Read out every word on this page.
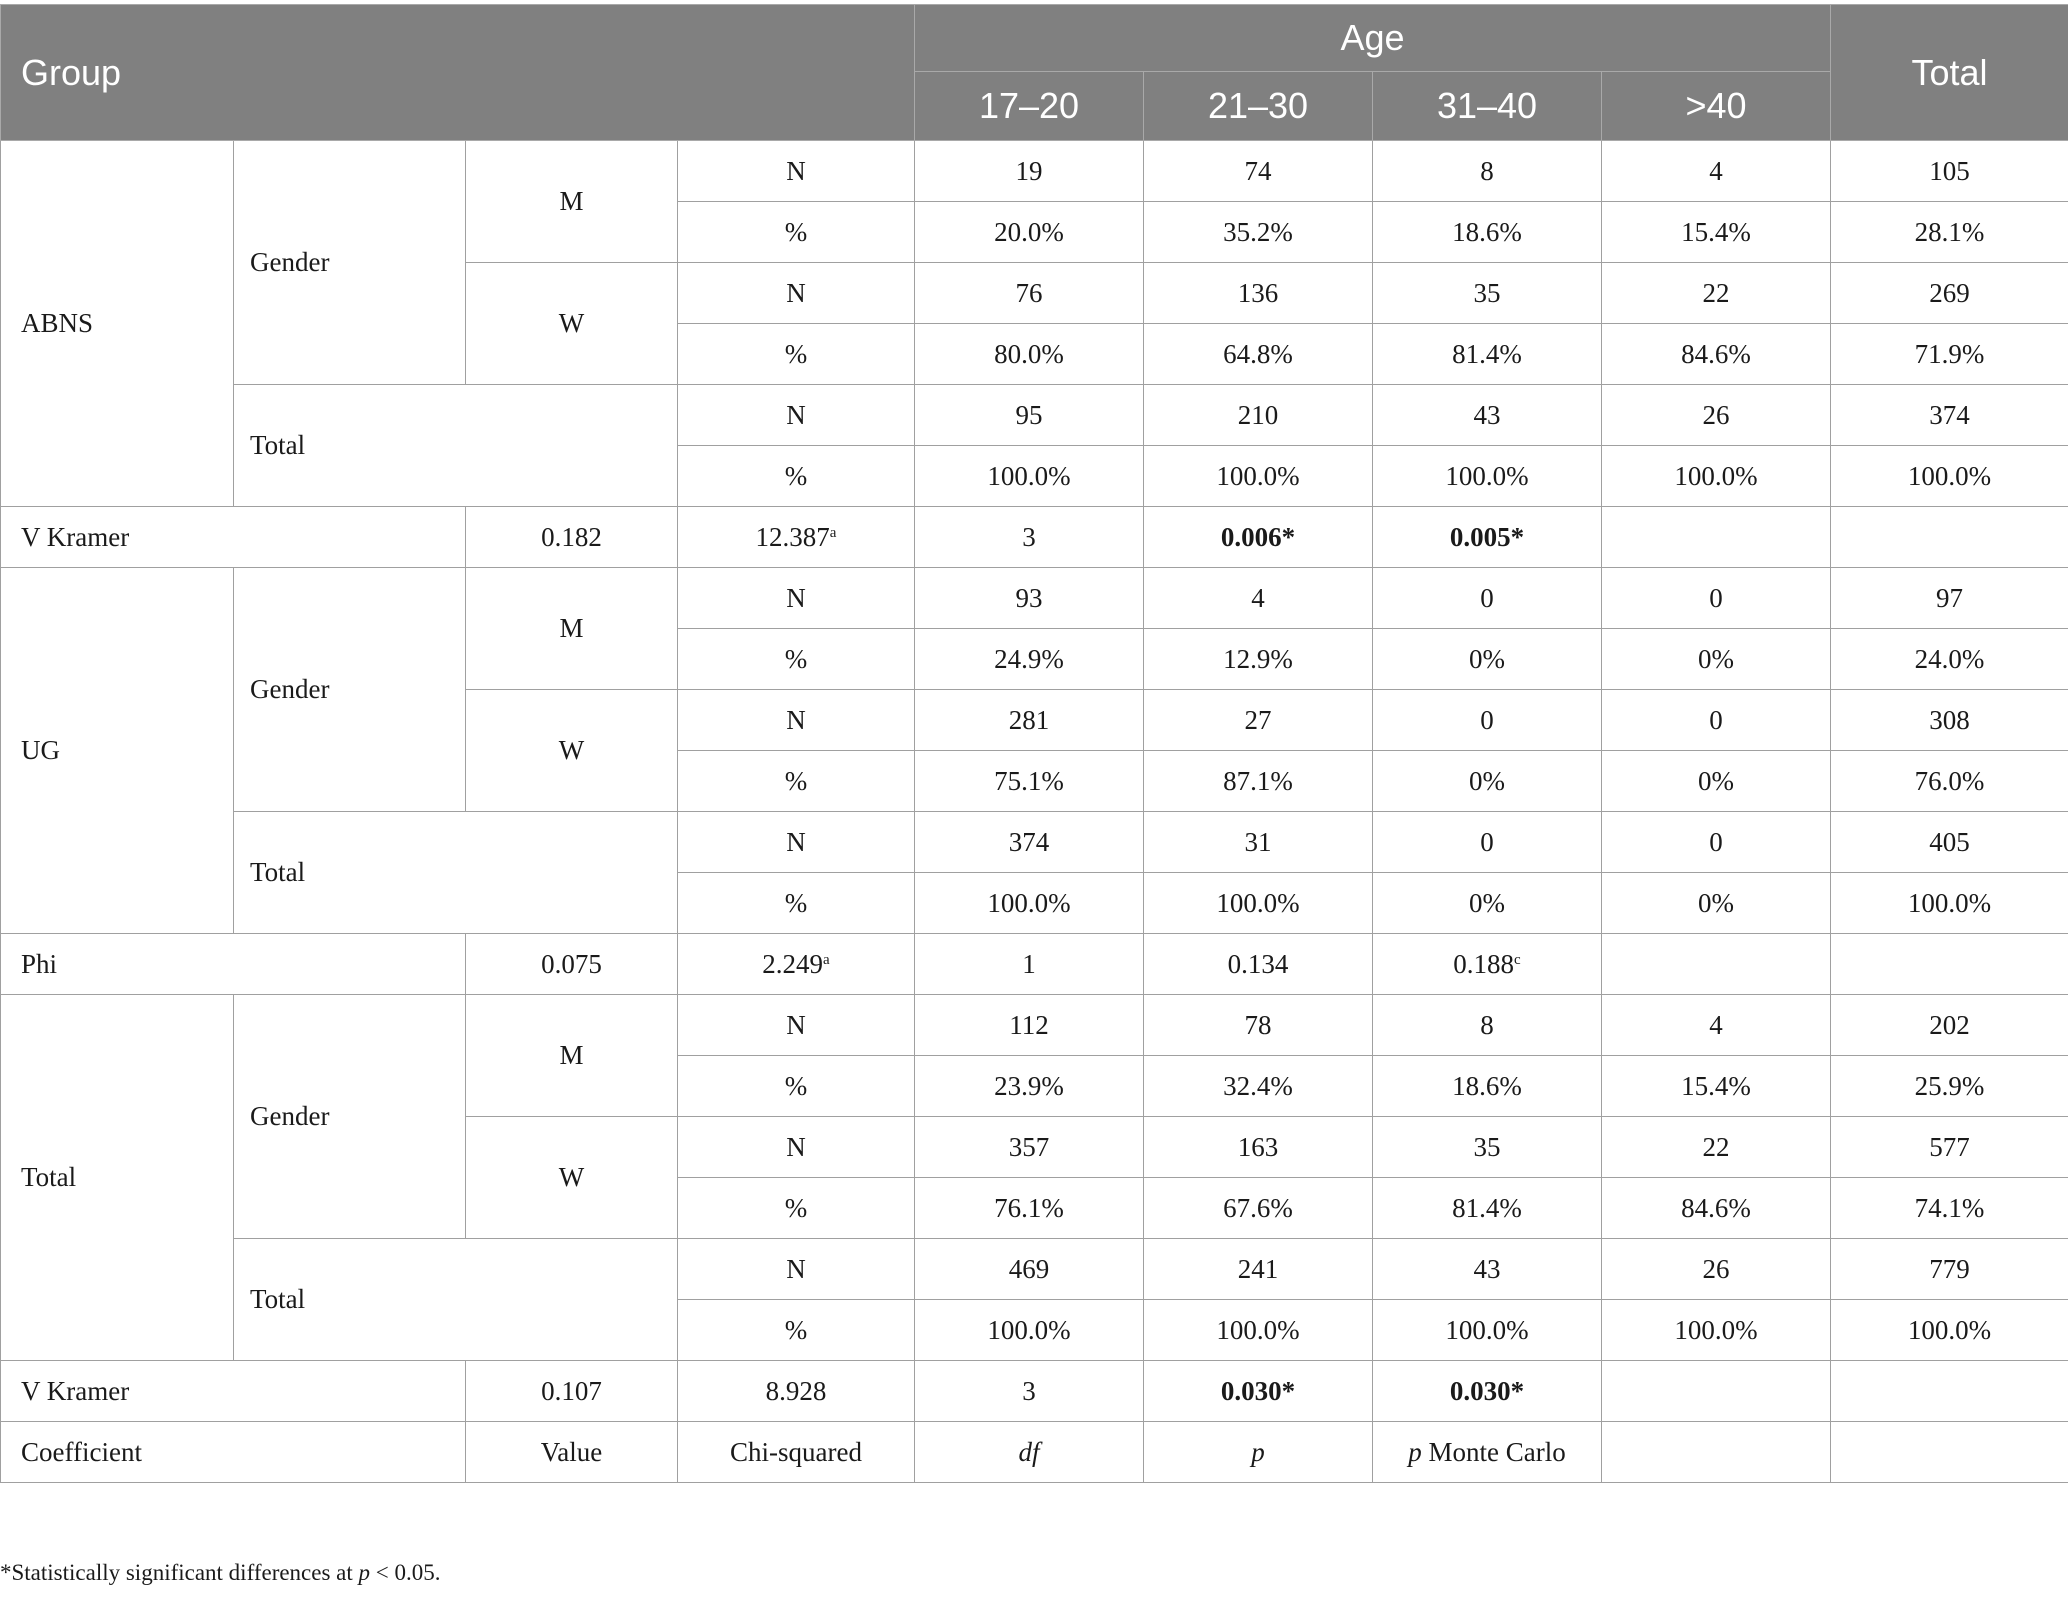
Group				Age				Total
				17–20	21–30	31–40	>40	
ABNS	Gender	M	N	19	74	8	4	105
			%	20.0%	35.2%	18.6%	15.4%	28.1%
		W	N	76	136	35	22	269
			%	80.0%	64.8%	81.4%	84.6%	71.9%
	Total		N	95	210	43	26	374
			%	100.0%	100.0%	100.0%	100.0%	100.0%
V Kramer		0.182	12.387$^a$	3	0.006*	0.005*		
UG	Gender	M	N	93	4	0	0	97
			%	24.9%	12.9%	0%	0%	24.0%
		W	N	281	27	0	0	308
			%	75.1%	87.1%	0%	0%	76.0%
	Total		N	374	31	0	0	405
			%	100.0%	100.0%	0%	0%	100.0%
Phi		0.075	2.249$^a$	1	0.134	0.188$^c$		
Total	Gender	M	N	112	78	8	4	202
			%	23.9%	32.4%	18.6%	15.4%	25.9%
		W	N	357	163	35	22	577
			%	76.1%	67.6%	81.4%	84.6%	74.1%
	Total		N	469	241	43	26	779
			%	100.0%	100.0%	100.0%	100.0%	100.0%
V Kramer		0.107	8.928	3	0.030*	0.030*		
Coefficient		Value	Chi-squared	df	p	p Monte Carlo		
*Statistically significant differences at p < 0.05.
